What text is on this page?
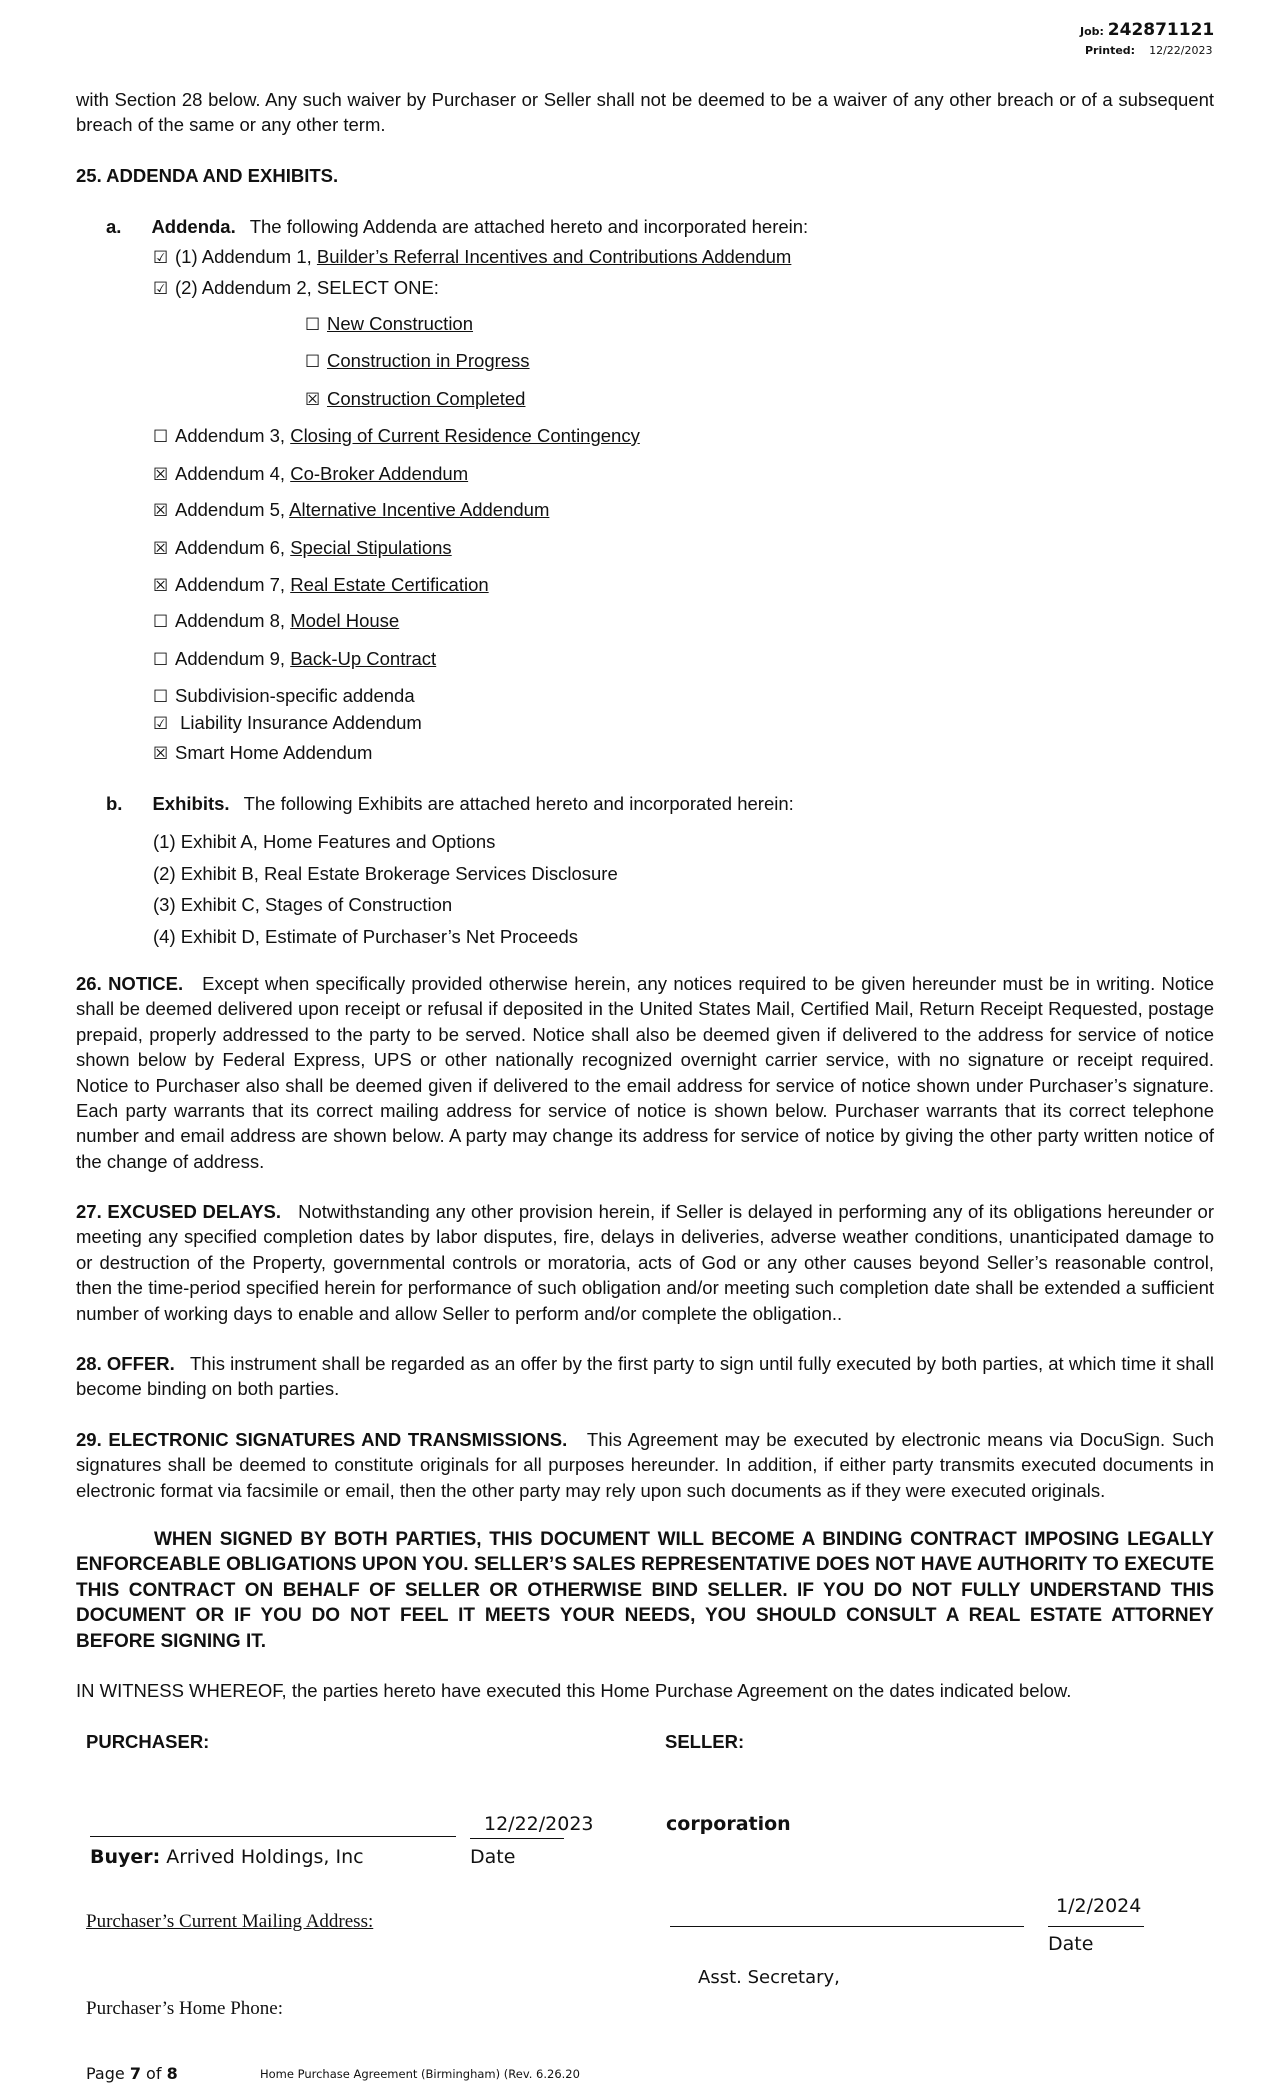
Job: 242871121
Printed: 12/22/2023
with Section 28 below. Any such waiver by Purchaser or Seller shall not be deemed to be a waiver of any other breach or of a subsequent breach of the same or any other term.
25. ADDENDA AND EXHIBITS.
a. Addenda. The following Addenda are attached hereto and incorporated herein:
☑ (1) Addendum 1, Builder’s Referral Incentives and Contributions Addendum
☑ (2) Addendum 2, SELECT ONE:
☐ New Construction
☐ Construction in Progress
☒ Construction Completed
☐ Addendum 3, Closing of Current Residence Contingency
☒ Addendum 4, Co-Broker Addendum
☒ Addendum 5, Alternative Incentive Addendum
☒ Addendum 6, Special Stipulations
☒ Addendum 7, Real Estate Certification
☐ Addendum 8, Model House
☐ Addendum 9, Back-Up Contract
☐ Subdivision-specific addenda
☑ Liability Insurance Addendum
☒ Smart Home Addendum
b. Exhibits. The following Exhibits are attached hereto and incorporated herein:
(1) Exhibit A, Home Features and Options
(2) Exhibit B, Real Estate Brokerage Services Disclosure
(3) Exhibit C, Stages of Construction
(4) Exhibit D, Estimate of Purchaser’s Net Proceeds
26. NOTICE. Except when specifically provided otherwise herein, any notices required to be given hereunder must be in writing. Notice shall be deemed delivered upon receipt or refusal if deposited in the United States Mail, Certified Mail, Return Receipt Requested, postage prepaid, properly addressed to the party to be served. Notice shall also be deemed given if delivered to the address for service of notice shown below by Federal Express, UPS or other nationally recognized overnight carrier service, with no signature or receipt required. Notice to Purchaser also shall be deemed given if delivered to the email address for service of notice shown under Purchaser’s signature. Each party warrants that its correct mailing address for service of notice is shown below. Purchaser warrants that its correct telephone number and email address are shown below. A party may change its address for service of notice by giving the other party written notice of the change of address.
27. EXCUSED DELAYS. Notwithstanding any other provision herein, if Seller is delayed in performing any of its obligations hereunder or meeting any specified completion dates by labor disputes, fire, delays in deliveries, adverse weather conditions, unanticipated damage to or destruction of the Property, governmental controls or moratoria, acts of God or any other causes beyond Seller’s reasonable control, then the time-period specified herein for performance of such obligation and/or meeting such completion date shall be extended a sufficient number of working days to enable and allow Seller to perform and/or complete the obligation..
28. OFFER. This instrument shall be regarded as an offer by the first party to sign until fully executed by both parties, at which time it shall become binding on both parties.
29. ELECTRONIC SIGNATURES AND TRANSMISSIONS. This Agreement may be executed by electronic means via DocuSign. Such signatures shall be deemed to constitute originals for all purposes hereunder. In addition, if either party transmits executed documents in electronic format via facsimile or email, then the other party may rely upon such documents as if they were executed originals.
WHEN SIGNED BY BOTH PARTIES, THIS DOCUMENT WILL BECOME A BINDING CONTRACT IMPOSING LEGALLY ENFORCEABLE OBLIGATIONS UPON YOU. SELLER’S SALES REPRESENTATIVE DOES NOT HAVE AUTHORITY TO EXECUTE THIS CONTRACT ON BEHALF OF SELLER OR OTHERWISE BIND SELLER. IF YOU DO NOT FULLY UNDERSTAND THIS DOCUMENT OR IF YOU DO NOT FEEL IT MEETS YOUR NEEDS, YOU SHOULD CONSULT A REAL ESTATE ATTORNEY BEFORE SIGNING IT.
IN WITNESS WHEREOF, the parties hereto have executed this Home Purchase Agreement on the dates indicated below.
PURCHASER:	SELLER:
12/22/2023
Buyer: Arrived Holdings, Inc	Date
Purchaser’s Current Mailing Address:
Purchaser’s Home Phone:
corporation
1/2/2024
Date
Asst. Secretary,
Page 7 of 8	Home Purchase Agreement (Birmingham) (Rev. 6.26.20
